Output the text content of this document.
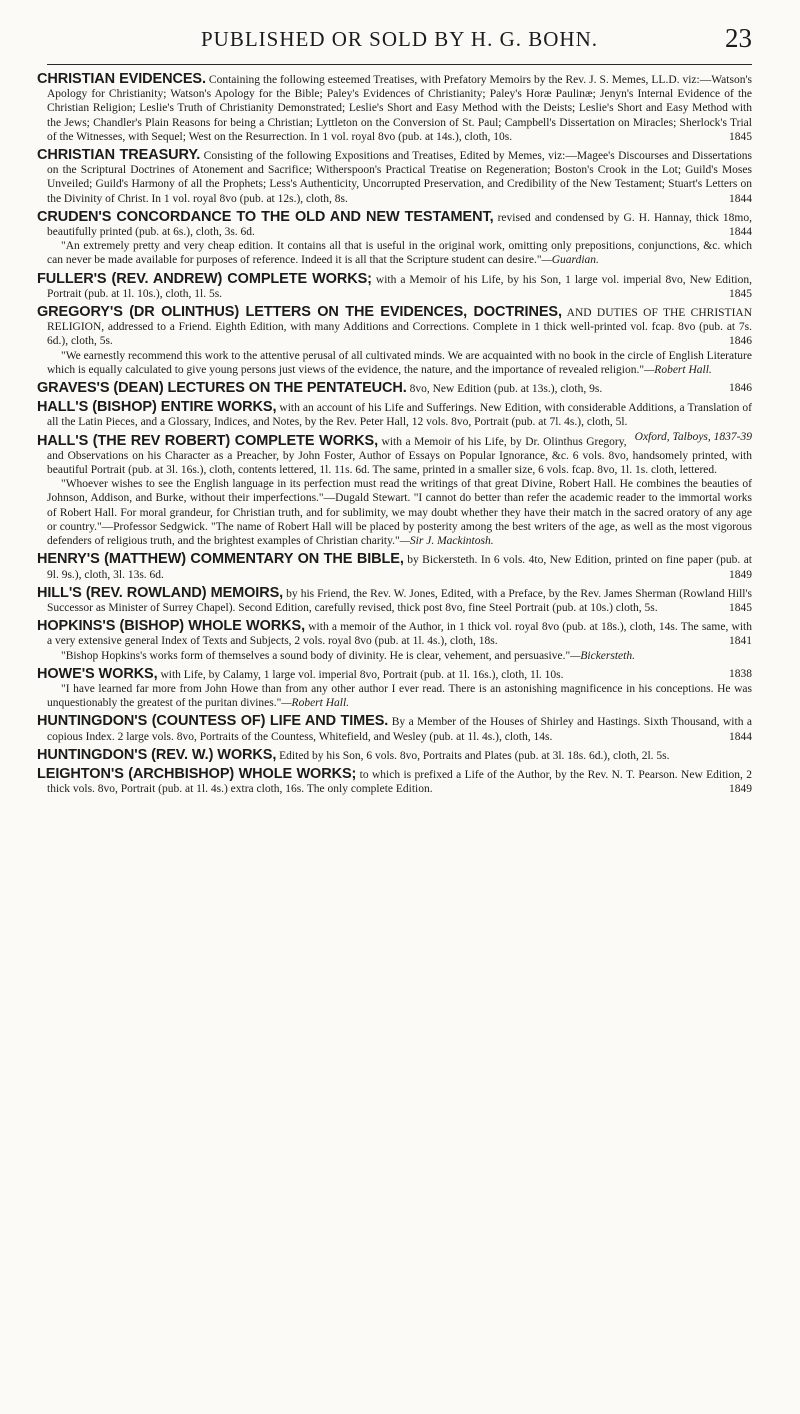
PUBLISHED OR SOLD BY H. G. BOHN.	23
CHRISTIAN EVIDENCES. Containing the following esteemed Treatises, with Prefatory Memoirs by the Rev. J. S. Memes, LL.D. viz:—Watson's Apology for Christianity; Watson's Apology for the Bible; Paley's Evidences of Christianity; Paley's Horæ Paulinæ; Jenyn's Internal Evidence of the Christian Religion; Leslie's Truth of Christianity Demonstrated; Leslie's Short and Easy Method with the Deists; Leslie's Short and Easy Method with the Jews; Chandler's Plain Reasons for being a Christian; Lyttleton on the Conversion of St. Paul; Campbell's Dissertation on Miracles; Sherlock's Trial of the Witnesses, with Sequel; West on the Resurrection. In 1 vol. royal 8vo (pub. at 14s.), cloth, 10s.	1845
CHRISTIAN TREASURY. Consisting of the following Expositions and Treatises, Edited by Memes, viz:—Magee's Discourses and Dissertations on the Scriptural Doctrines of Atonement and Sacrifice; Witherspoon's Practical Treatise on Regeneration; Boston's Crook in the Lot; Guild's Moses Unveiled; Guild's Harmony of all the Prophets; Less's Authenticity, Uncorrupted Preservation, and Credibility of the New Testament; Stuart's Letters on the Divinity of Christ. In 1 vol. royal 8vo (pub. at 12s.), cloth, 8s.	1844
CRUDEN'S CONCORDANCE TO THE OLD AND NEW TESTAMENT, revised and condensed by G. H. Hannay, thick 18mo, beautifully printed (pub. at 6s.), cloth, 3s. 6d.	1844
"An extremely pretty and very cheap edition. It contains all that is useful in the original work, omitting only prepositions, conjunctions, &c. which can never be made available for purposes of reference. Indeed it is all that the Scripture student can desire."—Guardian.
FULLER'S (REV. ANDREW) COMPLETE WORKS; with a Memoir of his Life, by his Son, 1 large vol. imperial 8vo, New Edition, Portrait (pub. at 1l. 10s.), cloth, 1l. 5s.	1845
GREGORY'S (DR OLINTHUS) LETTERS ON THE EVIDENCES, DOCTRINES, AND DUTIES OF THE CHRISTIAN RELIGION, addressed to a Friend. Eighth Edition, with many Additions and Corrections. Complete in 1 thick well-printed vol. fcap. 8vo (pub. at 7s. 6d.), cloth, 5s.	1846
"We earnestly recommend this work to the attentive perusal of all cultivated minds. We are acquainted with no book in the circle of English Literature which is equally calculated to give young persons just views of the evidence, the nature, and the importance of revealed religion."—Robert Hall.
GRAVES'S (DEAN) LECTURES ON THE PENTATEUCH. 8vo, New Edition (pub. at 13s.), cloth, 9s.	1846
HALL'S (BISHOP) ENTIRE WORKS, with an account of his Life and Sufferings. New Edition, with considerable Additions, a Translation of all the Latin Pieces, and a Glossary, Indices, and Notes, by the Rev. Peter Hall, 12 vols. 8vo, Portrait (pub. at 7l. 4s.), cloth, 5l.
Oxford, Talboys, 1837-39
HALL'S (THE REV ROBERT) COMPLETE WORKS, with a Memoir of his Life, by Dr. Olinthus Gregory, and Observations on his Character as a Preacher, by John Foster, Author of Essays on Popular Ignorance, &c. 6 vols. 8vo, handsomely printed, with beautiful Portrait (pub. at 3l. 16s.), cloth, contents lettered, 1l. 11s. 6d. The same, printed in a smaller size, 6 vols. fcap. 8vo, 1l. 1s. cloth, lettered.
"Whoever wishes to see the English language in its perfection must read the writings of that great Divine, Robert Hall. He combines the beauties of Johnson, Addison, and Burke, without their imperfections."—Dugald Stewart. "I cannot do better than refer the academic reader to the immortal works of Robert Hall. For moral grandeur, for Christian truth, and for sublimity, we may doubt whether they have their match in the sacred oratory of any age or country."—Professor Sedgwick. "The name of Robert Hall will be placed by posterity among the best writers of the age, as well as the most vigorous defenders of religious truth, and the brightest examples of Christian charity."—Sir J. Mackintosh.
HENRY'S (MATTHEW) COMMENTARY ON THE BIBLE, by Bickersteth. In 6 vols. 4to, New Edition, printed on fine paper (pub. at 9l. 9s.), cloth, 3l. 13s. 6d.	1849
HILL'S (REV. ROWLAND) MEMOIRS, by his Friend, the Rev. W. Jones, Edited, with a Preface, by the Rev. James Sherman (Rowland Hill's Successor as Minister of Surrey Chapel). Second Edition, carefully revised, thick post 8vo, fine Steel Portrait (pub. at 10s.) cloth, 5s.	1845
HOPKINS'S (BISHOP) WHOLE WORKS, with a memoir of the Author, in 1 thick vol. royal 8vo (pub. at 18s.), cloth, 14s. The same, with a very extensive general Index of Texts and Subjects, 2 vols. royal 8vo (pub. at 1l. 4s.), cloth, 18s.	1841
"Bishop Hopkins's works form of themselves a sound body of divinity. He is clear, vehement, and persuasive."—Bickersteth.
HOWE'S WORKS, with Life, by Calamy, 1 large vol. imperial 8vo, Portrait (pub. at 1l. 16s.), cloth, 1l. 10s.	1838
"I have learned far more from John Howe than from any other author I ever read. There is an astonishing magnificence in his conceptions. He was unquestionably the greatest of the puritan divines."—Robert Hall.
HUNTINGDON'S (COUNTESS OF) LIFE AND TIMES. By a Member of the Houses of Shirley and Hastings. Sixth Thousand, with a copious Index. 2 large vols. 8vo, Portraits of the Countess, Whitefield, and Wesley (pub. at 1l. 4s.), cloth, 14s.	1844
HUNTINGDON'S (REV. W.) WORKS, Edited by his Son, 6 vols. 8vo, Portraits and Plates (pub. at 3l. 18s. 6d.), cloth, 2l. 5s.
LEIGHTON'S (ARCHBISHOP) WHOLE WORKS; to which is prefixed a Life of the Author, by the Rev. N. T. Pearson. New Edition, 2 thick vols. 8vo, Portrait (pub. at 1l. 4s.) extra cloth, 16s. The only complete Edition.	1849
